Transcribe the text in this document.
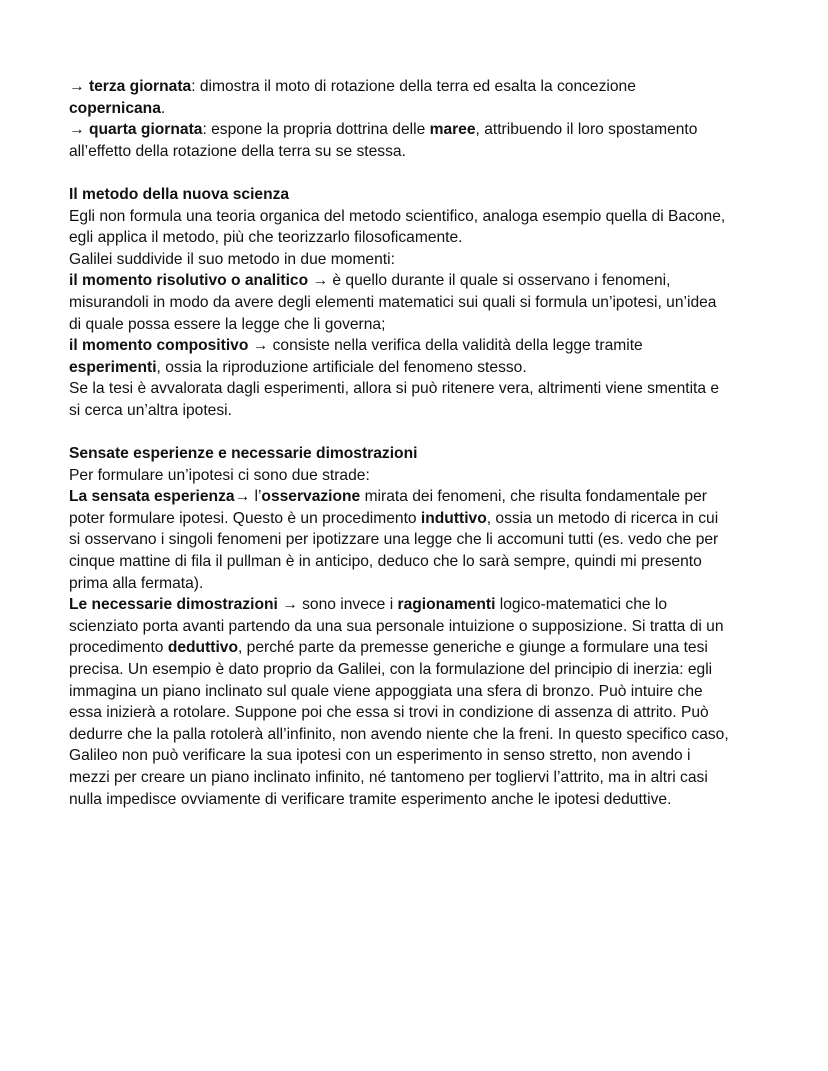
→ terza giornata: dimostra il moto di rotazione della terra ed esalta la concezione
copernicana.
→ quarta giornata: espone la propria dottrina delle maree, attribuendo il loro spostamento
all’effetto della rotazione della terra su se stessa.
Il metodo della nuova scienza
Egli non formula una teoria organica del metodo scientifico, analoga esempio quella di Bacone,
egli applica il metodo, più che teorizzarlo filosoficamente.
Galilei suddivide il suo metodo in due momenti:
il momento risolutivo o analitico → è quello durante il quale si osservano i fenomeni,
misurandoli in modo da avere degli elementi matematici sui quali si formula un’ipotesi, un’idea
di quale possa essere la legge che li governa;
il momento compositivo → consiste nella verifica della validità della legge tramite
esperimenti, ossia la riproduzione artificiale del fenomeno stesso.
Se la tesi è avvalorata dagli esperimenti, allora si può ritenere vera, altrimenti viene smentita e
si cerca un’altra ipotesi.
Sensate esperienze e necessarie dimostrazioni
Per formulare un’ipotesi ci sono due strade:
La sensata esperienza→ l’osservazione mirata dei fenomeni, che risulta fondamentale per
poter formulare ipotesi. Questo è un procedimento induttivo, ossia un metodo di ricerca in cui
si osservano i singoli fenomeni per ipotizzare una legge che li accomuni tutti (es. vedo che per
cinque mattine di fila il pullman è in anticipo, deduco che lo sarà sempre, quindi mi presento
prima alla fermata).
Le necessarie dimostrazioni → sono invece i ragionamenti logico-matematici che lo
scienziato porta avanti partendo da una sua personale intuizione o supposizione. Si tratta di un
procedimento deduttivo, perché parte da premesse generiche e giunge a formulare una tesi
precisa. Un esempio è dato proprio da Galilei, con la formulazione del principio di inerzia: egli
immagina un piano inclinato sul quale viene appoggiata una sfera di bronzo. Può intuire che
essa inizierà a rotolare. Suppone poi che essa si trovi in condizione di assenza di attrito. Può
dedurre che la palla rotolerà all’infinito, non avendo niente che la freni. In questo specifico caso,
Galileo non può verificare la sua ipotesi con un esperimento in senso stretto, non avendo i
mezzi per creare un piano inclinato infinito, né tantomeno per togliervi l’attrito, ma in altri casi
nulla impedisce ovviamente di verificare tramite esperimento anche le ipotesi deduttive.
